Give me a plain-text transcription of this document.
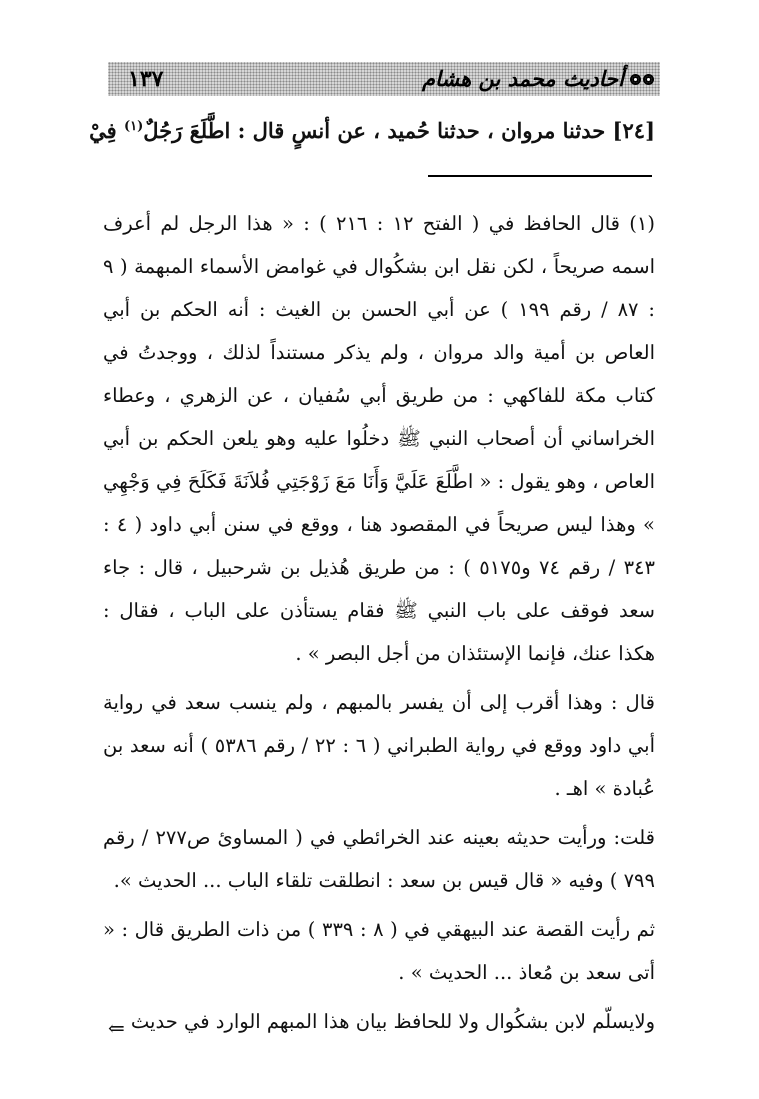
١٣٧	أحاديث محمد بن هشام
[٢٤] حدثنا مروان ، حدثنا حُميد ، عن أنسٍ قال : اطَّلَعَ رَجُلٌ$^{(١)}$ فِيْ

(١) قال الحافظ في ( الفتح ١٢ : ٢١٦ ) : « هذا الرجل لم أعرف اسمه صريحاً ، لكن نقل ابن بشكُوال في غوامض الأسماء المبهمة ( ٩ : ٨٧ / رقم ١٩٩ ) عن أبي الحسن بن الغيث : أنه الحكم بن أبي العاص بن أمية والد مروان ، ولم يذكر مستنداً لذلك ، ووجدتُ في كتاب مكة للفاكهي : من طريق أبي سُفيان ، عن الزهري ، وعطاء الخراساني أن أصحاب النبي ﷺ دخلُوا عليه وهو يلعن الحكم بن أبي العاص ، وهو يقول : « اطَّلَعَ عَلَيَّ وَأَنَا مَعَ زَوْجَتِي فُلاَنَةَ فَكَلَحَ فِي وَجْهِي » وهذا ليس صريحاً في المقصود هنا ، ووقع في سنن أبي داود ( ٤ : ٣٤٣ / رقم ٧٤ و٥١٧٥ ) : من طريق هُذيل بن شرحبيل ، قال : جاء سعد فوقف على باب النبي ﷺ فقام يستأذن على الباب ، فقال : هكذا عنك، فإنما الإستئذان من أجل البصر » .

قال : وهذا أقرب إلى أن يفسر بالمبهم ، ولم ينسب سعد في رواية أبي داود ووقع في رواية الطبراني ( ٦ : ٢٢ / رقم ٥٣٨٦ ) أنه سعد بن عُبادة » اهـ .

قلت: ورأيت حديثه بعينه عند الخرائطي في ( المساوئ ص٢٧٧ / رقم ٧٩٩ ) وفيه « قال قيس بن سعد : انطلقت تلقاء الباب ... الحديث ».

ثم رأيت القصة عند البيهقي في ( ٨ : ٣٣٩ ) من ذات الطريق قال : « أتى سعد بن مُعاذ ... الحديث » .

ولايسلّم لابن بشكُوال ولا للحافظ بيان هذا المبهم الوارد في حديث

⇐
